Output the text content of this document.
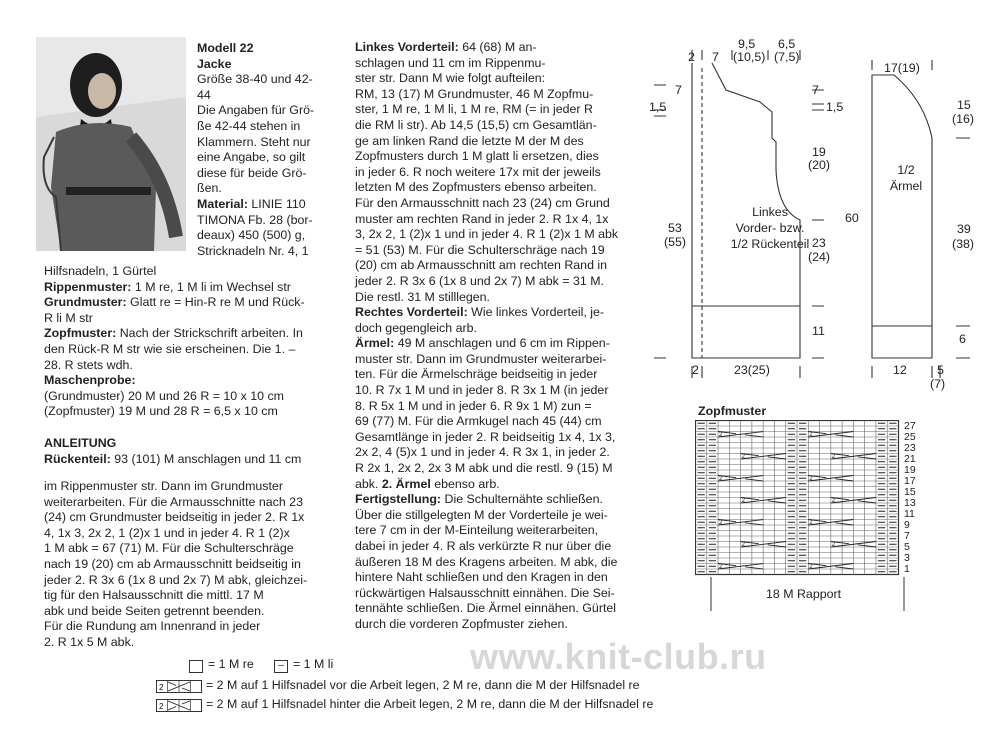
Modell 22
Jacke
Größe 38-40 und 42-
44
Die Angaben für Grö-
ße 42-44 stehen in
Klammern. Steht nur
eine Angabe, so gilt
diese für beide Grö-
ßen.
Material: LINIE 110
TIMONA Fb. 28 (bor-
deaux) 450 (500) g,
Stricknadeln Nr. 4, 1
Hilfsnadeln, 1 Gürtel
Rippenmuster: 1 M re, 1 M li im Wechsel str
Grundmuster: Glatt re = Hin-R re M und Rück-
R li M str
Zopfmuster: Nach der Strickschrift arbeiten. In
den Rück-R M str wie sie erscheinen. Die 1. –
28. R stets wdh.
Maschenprobe:
(Grundmuster) 20 M und 26 R = 10 x 10 cm
(Zopfmuster) 19 M und 28 R = 6,5 x 10 cm
ANLEITUNG
Rückenteil: 93 (101) M anschlagen und 11 cm
im Rippenmuster str. Dann im Grundmuster
weiterarbeiten. Für die Armausschnitte nach 23
(24) cm Grundmuster beidseitig in jeder 2. R 1x
4, 1x 3, 2x 2, 1 (2)x 1 und in jeder 4. R 1 (2)x
1 M abk = 67 (71) M. Für die Schulterschräge
nach 19 (20) cm ab Armausschnitt beidseitig in
jeder 2. R 3x 6 (1x 8 und 2x 7) M abk, gleichzei-
tig für den Halsausschnitt die mittl. 17 M
abk und beide Seiten getrennt beenden.
Für die Rundung am Innenrand in jeder
2. R 1x 5 M abk.
Linkes Vorderteil: 64 (68) M an-
schlagen und 11 cm im Rippenmu-
ster str. Dann M wie folgt aufteilen:
RM, 13 (17) M Grundmuster, 46 M Zopfmu-
ster, 1 M re, 1 M li, 1 M re, RM (= in jeder R
die RM li str). Ab 14,5 (15,5) cm Gesamtlän-
ge am linken Rand die letzte M der M des
Zopfmusters durch 1 M glatt li ersetzen, dies
in jeder 6. R noch weitere 17x mit der jeweils
letzten M des Zopfmusters ebenso arbeiten.
Für den Armausschnitt nach 23 (24) cm Grund
muster am rechten Rand in jeder 2. R 1x 4, 1x
3, 2x 2, 1 (2)x 1 und in jeder 4. R 1 (2)x 1 M abk
= 51 (53) M. Für die Schulterschräge nach 19
(20) cm ab Armausschnitt am rechten Rand in
jeder 2. R 3x 6 (1x 8 und 2x 7) M abk = 31 M.
Die restl. 31 M stilllegen.
Rechtes Vorderteil: Wie linkes Vorderteil, je-
doch gegengleich arb.
Ärmel: 49 M anschlagen und 6 cm im Rippen-
muster str. Dann im Grundmuster weiterarbei-
ten. Für die Ärmelschräge beidseitig in jeder
10. R 7x 1 M und in jeder 8. R 3x 1 M (in jeder
8. R 5x 1 M und in jeder 6. R 9x 1 M) zun =
69 (77) M. Für die Armkugel nach 45 (44) cm
Gesamtlänge in jeder 2. R beidseitig 1x 4, 1x 3,
2x 2, 4 (5)x 1 und in jeder 4. R 3x 1, in jeder 2.
R 2x 1, 2x 2, 2x 3 M abk und die restl. 9 (15) M
abk. 2. Ärmel ebenso arb.
Fertigstellung: Die Schulternähte schließen.
Über die stillgelegten M der Vorderteile je wei-
tere 7 cm in der M-Einteilung weiterarbeiten,
dabei in jeder 4. R als verkürzte R nur über die
äußeren 18 M des Kragens arbeiten. M abk, die
hintere Naht schließen und den Kragen in den
rückwärtigen Halsausschnitt einnähen. Die Sei-
tennähte schließen. Die Ärmel einnähen. Gürtel
durch die vorderen Zopfmuster ziehen.
2 7
9,5
(10,5)
6,5
(7,5)
17(19)
7
1,5
53
(55)
7
1,5
19
(20)
23
(24)
11
Linkes
Vorder- bzw.
1/2 Rückenteil
60
1/2
Ärmel
15
(16)
39
(38)
6
2	23(25)	12 5
(7)
Zopfmuster
2	2
2	2
2	2
2	2
2	2
2	2
2	2
27
25
23
21
19
17
15
13
11
9
7
5
3
1
18 M Rapport
= 1 M re	– = 1 M li
2	= 2 M auf 1 Hilfsnadel vor die Arbeit legen, 2 M re, dann die M der Hilfsnadel re
2	= 2 M auf 1 Hilfsnadel hinter die Arbeit legen, 2 M re, dann die M der Hilfsnadel re
www.knit-club.ru
